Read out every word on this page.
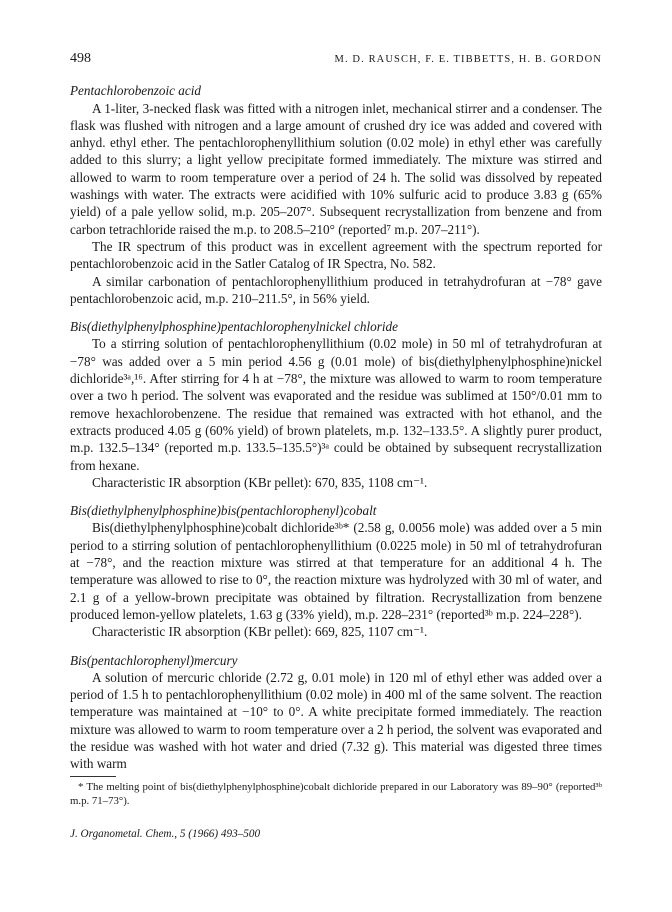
498	M. D. RAUSCH, F. E. TIBBETTS, H. B. GORDON
Pentachlorobenzoic acid

A 1-liter, 3-necked flask was fitted with a nitrogen inlet, mechanical stirrer and a condenser. The flask was flushed with nitrogen and a large amount of crushed dry ice was added and covered with anhyd. ethyl ether. The pentachlorophenyllithium solution (0.02 mole) in ethyl ether was carefully added to this slurry; a light yellow precipitate formed immediately. The mixture was stirred and allowed to warm to room temperature over a period of 24 h. The solid was dissolved by repeated washings with water. The extracts were acidified with 10% sulfuric acid to produce 3.83 g (65% yield) of a pale yellow solid, m.p. 205–207°. Subsequent recrystallization from benzene and from carbon tetrachloride raised the m.p. to 208.5–210° (reported⁷ m.p. 207–211°).

The IR spectrum of this product was in excellent agreement with the spectrum reported for pentachlorobenzoic acid in the Satler Catalog of IR Spectra, No. 582.

A similar carbonation of pentachlorophenyllithium produced in tetrahydrofuran at −78° gave pentachlorobenzoic acid, m.p. 210–211.5°, in 56% yield.

Bis(diethylphenylphosphine)pentachlorophenylnickel chloride

To a stirring solution of pentachlorophenyllithium (0.02 mole) in 50 ml of tetrahydrofuran at −78° was added over a 5 min period 4.56 g (0.01 mole) of bis(diethylphenylphosphine)nickel dichloride³ᵃ,¹⁶. After stirring for 4 h at −78°, the mixture was allowed to warm to room temperature over a two h period. The solvent was evaporated and the residue was sublimed at 150°/0.01 mm to remove hexachlorobenzene. The residue that remained was extracted with hot ethanol, and the extracts produced 4.05 g (60% yield) of brown platelets, m.p. 132–133.5°. A slightly purer product, m.p. 132.5–134° (reported m.p. 133.5–135.5°)³ᵃ could be obtained by subsequent recrystallization from hexane.

Characteristic IR absorption (KBr pellet): 670, 835, 1108 cm⁻¹.

Bis(diethylphenylphosphine)bis(pentachlorophenyl)cobalt

Bis(diethylphenylphosphine)cobalt dichloride³ᵇ* (2.58 g, 0.0056 mole) was added over a 5 min period to a stirring solution of pentachlorophenyllithium (0.0225 mole) in 50 ml of tetrahydrofuran at −78°, and the reaction mixture was stirred at that temperature for an additional 4 h. The temperature was allowed to rise to 0°, the reaction mixture was hydrolyzed with 30 ml of water, and 2.1 g of a yellow-brown precipitate was obtained by filtration. Recrystallization from benzene produced lemon-yellow platelets, 1.63 g (33% yield), m.p. 228–231° (reported³ᵇ m.p. 224–228°).

Characteristic IR absorption (KBr pellet): 669, 825, 1107 cm⁻¹.

Bis(pentachlorophenyl)mercury

A solution of mercuric chloride (2.72 g, 0.01 mole) in 120 ml of ethyl ether was added over a period of 1.5 h to pentachlorophenyllithium (0.02 mole) in 400 ml of the same solvent. The reaction temperature was maintained at −10° to 0°. A white precipitate formed immediately. The reaction mixture was allowed to warm to room temperature over a 2 h period, the solvent was evaporated and the residue was washed with hot water and dried (7.32 g). This material was digested three times with warm

* The melting point of bis(diethylphenylphosphine)cobalt dichloride prepared in our Laboratory was 89–90° (reported³ᵇ m.p. 71–73°).

J. Organometal. Chem., 5 (1966) 493–500
